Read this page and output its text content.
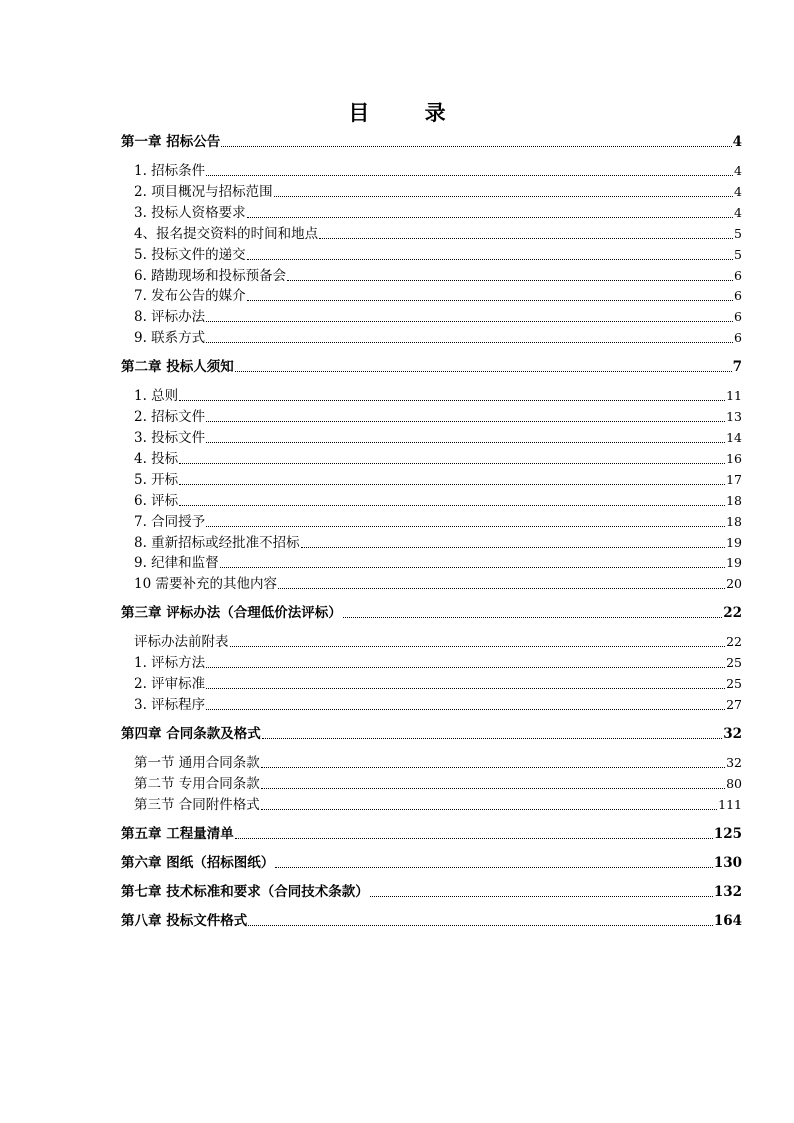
目 录
第一章 招标公告	4
1. 招标条件	4
2. 项目概况与招标范围	4
3. 投标人资格要求	4
4、报名提交资料的时间和地点	5
5. 投标文件的递交	5
6. 踏勘现场和投标预备会	6
7. 发布公告的媒介	6
8. 评标办法	6
9. 联系方式	6
第二章 投标人须知	7
1. 总则	11
2. 招标文件	13
3. 投标文件	14
4. 投标	16
5. 开标	17
6. 评标	18
7. 合同授予	18
8. 重新招标或经批准不招标	19
9. 纪律和监督	19
10 需要补充的其他内容	20
第三章 评标办法（合理低价法评标）	22
评标办法前附表	22
1. 评标方法	25
2. 评审标准	25
3. 评标程序	27
第四章 合同条款及格式	32
第一节 通用合同条款	32
第二节 专用合同条款	80
第三节 合同附件格式	111
第五章 工程量清单	125
第六章 图纸（招标图纸）	130
第七章 技术标准和要求（合同技术条款）	132
第八章 投标文件格式	164
